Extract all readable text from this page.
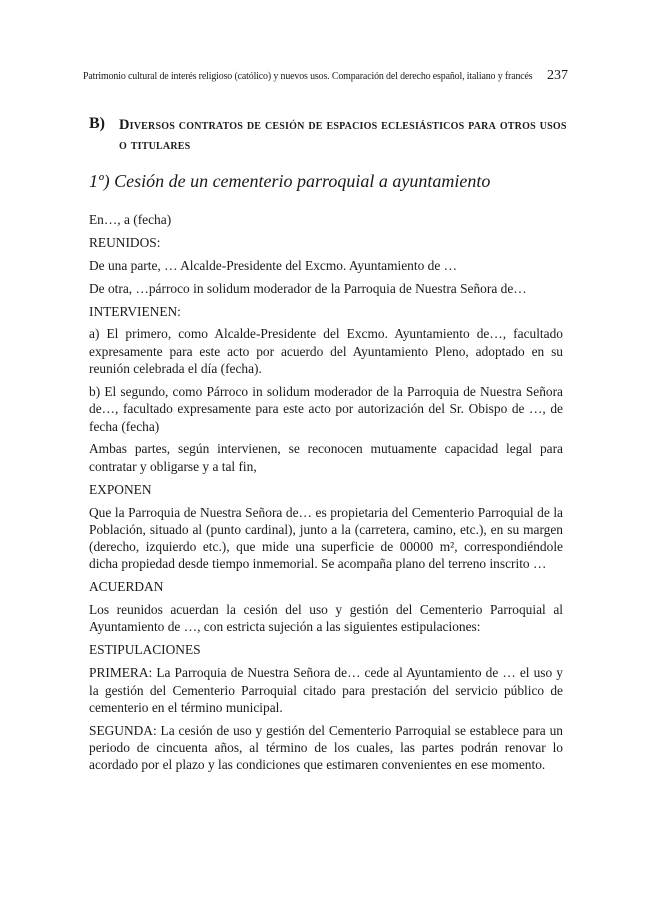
Patrimonio cultural de interés religioso (católico) y nuevos usos. Comparación del derecho español, italiano y francés 237
B) Diversos contratos de cesión de espacios eclesiásticos para otros usos o titulares
1º) Cesión de un cementerio parroquial a ayuntamiento

En…, a (fecha)

REUNIDOS:

De una parte, … Alcalde-Presidente del Excmo. Ayuntamiento de …

De otra, …párroco in solidum moderador de la Parroquia de Nuestra Señora de…

INTERVIENEN:

a) El primero, como Alcalde-Presidente del Excmo. Ayuntamiento de…, facultado expresamente para este acto por acuerdo del Ayuntamiento Pleno, adoptado en su reunión celebrada el día (fecha).

b) El segundo, como Párroco in solidum moderador de la Parroquia de Nuestra Señora de…, facultado expresamente para este acto por autorización del Sr. Obispo de …, de fecha (fecha)

Ambas partes, según intervienen, se reconocen mutuamente capacidad legal para contratar y obligarse y a tal fin,

EXPONEN

Que la Parroquia de Nuestra Señora de… es propietaria del Cementerio Parroquial de la Población, situado al (punto cardinal), junto a la (carretera, camino, etc.), en su margen (derecho, izquierdo etc.), que mide una superficie de 00000 m², correspondiéndole dicha propiedad desde tiempo inmemorial. Se acompaña plano del terreno inscrito …

ACUERDAN

Los reunidos acuerdan la cesión del uso y gestión del Cementerio Parroquial al Ayuntamiento de …, con estricta sujeción a las siguientes estipulaciones:

ESTIPULACIONES

PRIMERA: La Parroquia de Nuestra Señora de… cede al Ayuntamiento de … el uso y la gestión del Cementerio Parroquial citado para prestación del servicio público de cementerio en el término municipal.

SEGUNDA: La cesión de uso y gestión del Cementerio Parroquial se establece para un periodo de cincuenta años, al término de los cuales, las partes podrán renovar lo acordado por el plazo y las condiciones que estimaren convenientes en ese momento.
